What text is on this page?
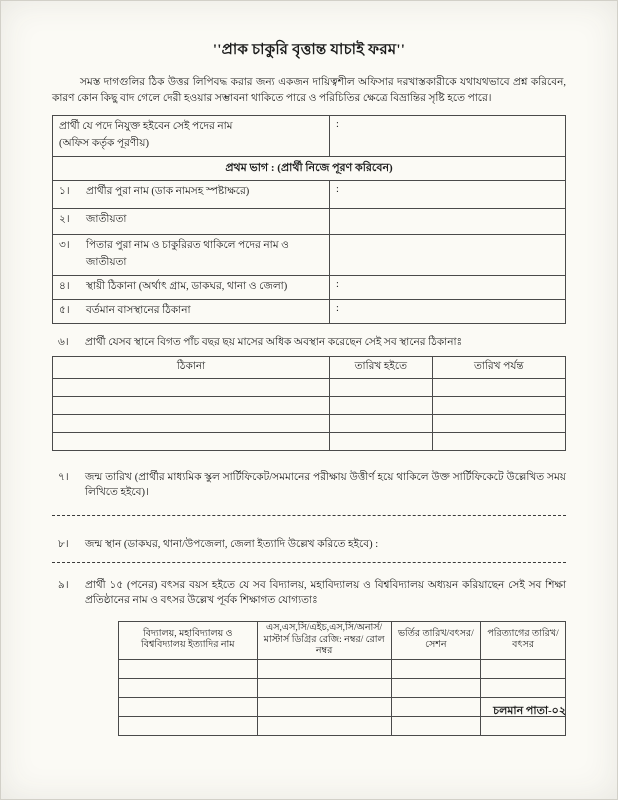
''প্রাক চাকুরি বৃত্তান্ত যাচাই ফরম''
সমস্ত দাগগুলির ঠিক উত্তর লিপিবদ্ধ করার জন্য একজন দায়িত্বশীল অফিসার দরখাস্তকারীকে যথাযথভাবে প্রশ্ন করিবেন, কারণ কোন কিছু বাদ গেলে দেরী হওয়ার সম্ভাবনা থাকিতে পারে ও পরিচিতির ক্ষেত্রে বিভ্রান্তির সৃষ্টি হতে পারে।
প্রার্থী যে পদে নিযুক্ত হইবেন সেই পদের নাম
(অফিস কর্তৃক পূরণীয়)	:
প্রথম ভাগ : (প্রার্থী নিজে পূরণ করিবেন)	

১। প্রার্থীর পুরা নাম (ডাক নামসহ স্পষ্টাক্ষরে)	:

২। জাতীয়তা	

৩। পিতার পুরা নাম ও চাকুরিরত থাকিলে পদের নাম ও জাতীয়তা	

৪। স্থায়ী ঠিকানা (অর্থাৎ গ্রাম, ডাকঘর, থানা ও জেলা)	:

৫। বর্তমান বাসস্থানের ঠিকানা	:
৬।	প্রার্থী যেসব স্থানে বিগত পাঁচ বছর ছয় মাসের অধিক অবস্থান করেছেন সেই সব স্থানের ঠিকানাঃ
ঠিকানা	তারিখ হইতে	তারিখ পর্যন্ত

৭।	জন্ম তারিখ (প্রার্থীর মাধ্যমিক স্কুল সার্টিফিকেট/সমমানের পরীক্ষায় উত্তীর্ণ হয়ে থাকিলে উক্ত সার্টিফিকেটে উল্লেখিত সময় লিখিতে হইবে)।
৮।	জন্ম স্থান (ডাকঘর, থানা/উপজেলা, জেলা ইত্যাদি উল্লেখ করিতে হইবে) :
৯।	প্রার্থী ১৫ (পনের) বৎসর বয়স হইতে যে সব বিদ্যালয়, মহাবিদ্যালয় ও বিশ্ববিদ্যালয় অধ্যয়ন করিয়াছেন সেই সব শিক্ষা প্রতিষ্ঠানের নাম ও বৎসর উল্লেখ পূর্বক শিক্ষাগত যোগ্যতাঃ
বিদ্যালয়, মহাবিদ্যালয় ও বিশ্ববিদ্যালয় ইত্যাদির নাম	এস,এস,সি/এইচ,এস,সি/অনার্স/মাস্টার্স ডিগ্রির রেজি: নম্বর/ রোল নম্বর	ভর্তির তারিখ/বৎসর/সেশন	পরিত্যাগের তারিখ/ বৎসর

চলমান পাতা-০২
